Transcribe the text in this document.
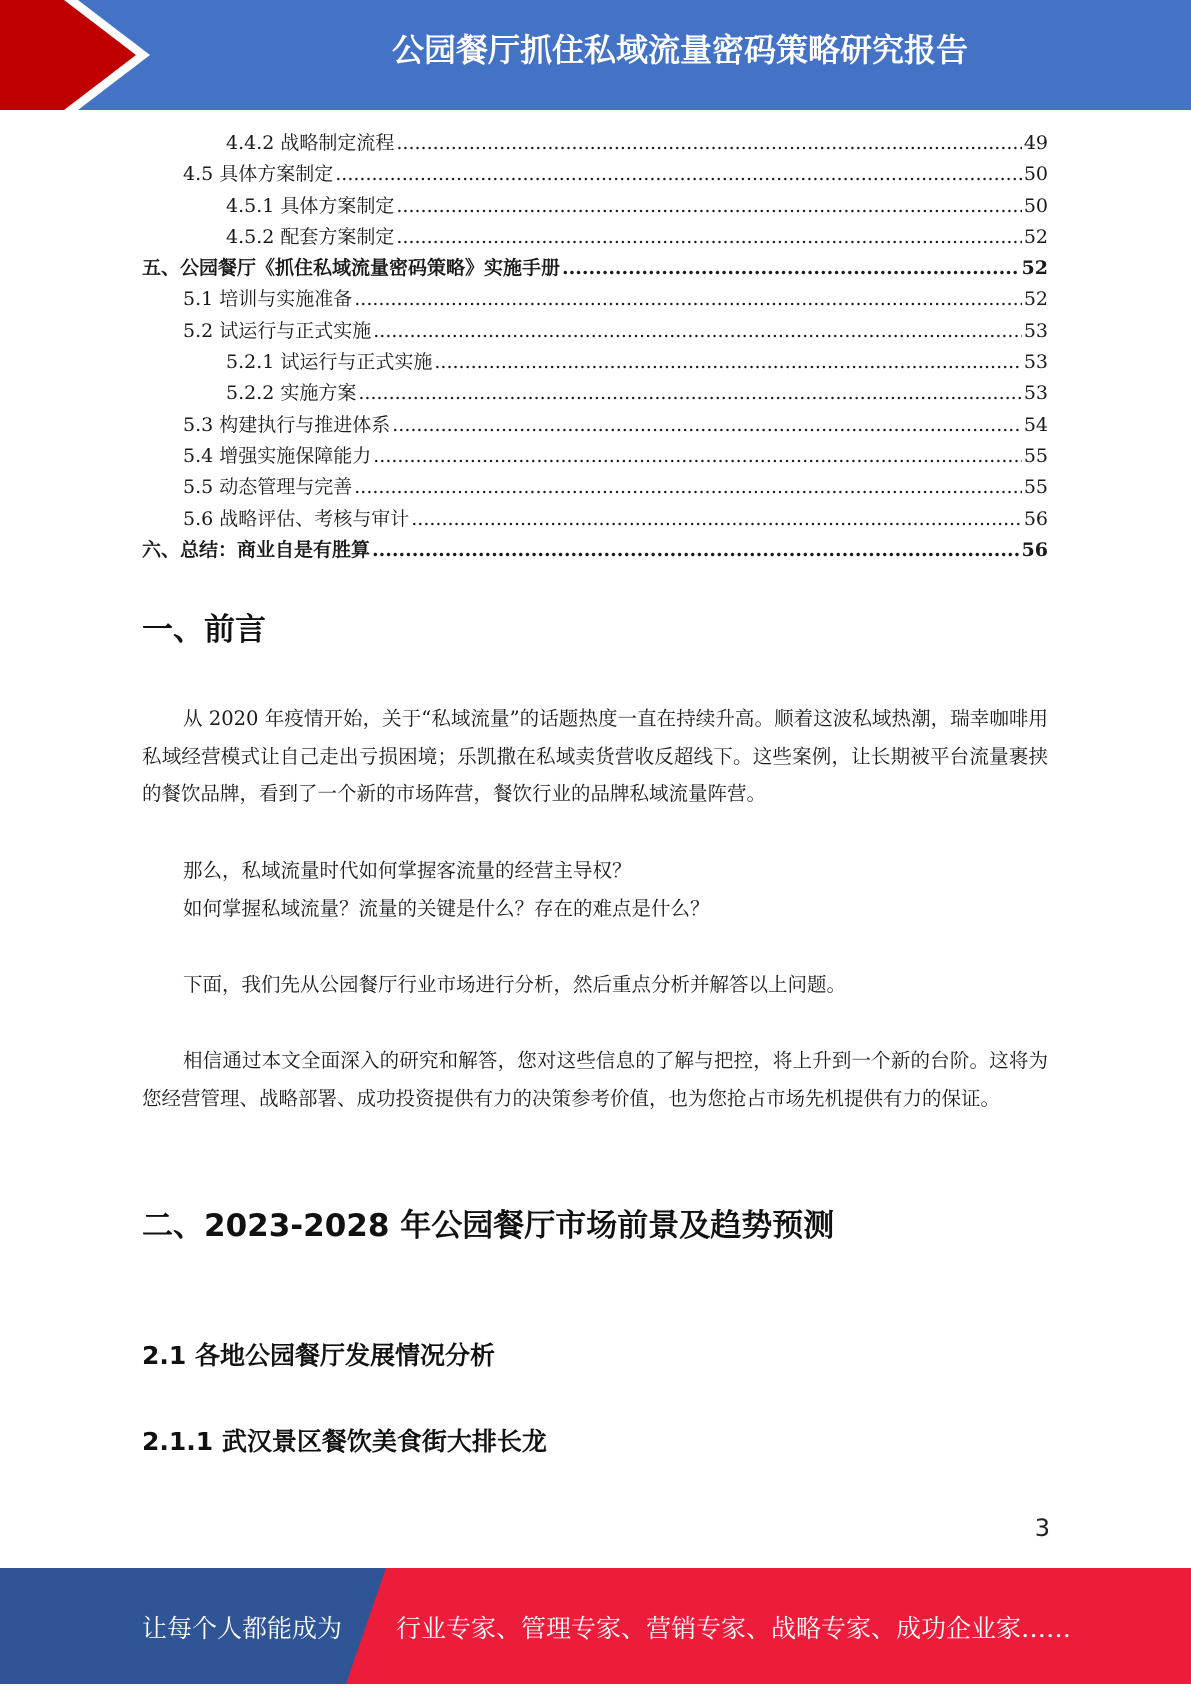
公园餐厅抓住私域流量密码策略研究报告
4.4.2 战略制定流程 .....	49
4.5 具体方案制定 .....	50
4.5.1 具体方案制定 .....	50
4.5.2 配套方案制定 .....	52
五、公园餐厅《抓住私域流量密码策略》实施手册 .....	52
5.1 培训与实施准备 .....	52
5.2 试运行与正式实施 .....	53
5.2.1 试运行与正式实施 .....	53
5.2.2 实施方案 .....	53
5.3 构建执行与推进体系 .....	54
5.4 增强实施保障能力 .....	55
5.5 动态管理与完善 .....	55
5.6 战略评估、考核与审计 .....	56
六、总结：商业自是有胜算 .....	56
一、前言

从 2020 年疫情开始，关于“私域流量”的话题热度一直在持续升高。顺着这波私域热潮，瑞幸咖啡用私域经营模式让自己走出亏损困境；乐凯撒在私域卖货营收反超线下。这些案例，让长期被平台流量裹挟的餐饮品牌，看到了一个新的市场阵营，餐饮行业的品牌私域流量阵营。

那么，私域流量时代如何掌握客流量的经营主导权？

如何掌握私域流量？流量的关键是什么？存在的难点是什么？

下面，我们先从公园餐厅行业市场进行分析，然后重点分析并解答以上问题。

相信通过本文全面深入的研究和解答，您对这些信息的了解与把控，将上升到一个新的台阶。这将为您经营管理、战略部署、成功投资提供有力的决策参考价值，也为您抢占市场先机提供有力的保证。

二、2023-2028 年公园餐厅市场前景及趋势预测
2.1 各地公园餐厅发展情况分析
2.1.1 武汉景区餐饮美食街大排长龙
3
让每个人都能成为 行业专家、管理专家、营销专家、战略专家、成功企业家……
